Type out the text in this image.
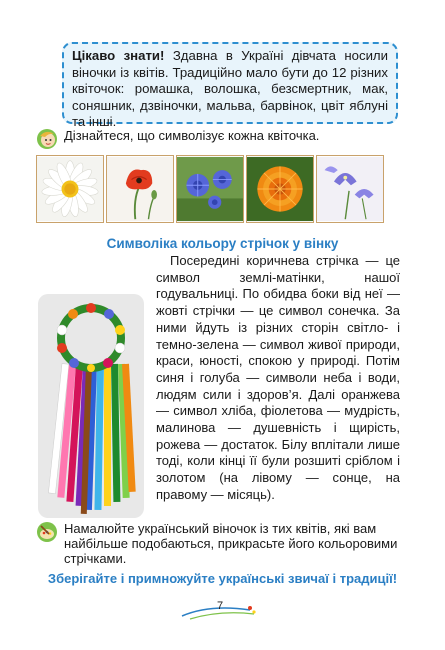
Цікаво знати! Здавна в Україні дівчата носили віночки із квітів. Традиційно мало бути до 12 різних квіточок: ромашка, волошка, безсмертник, мак, соняшник, дзвіночки, мальва, барвінок, цвіт яблуні та інші.
Дізнайтеся, що символізує кожна квіточка.
Символіка кольору стрічок у вінку
Посередині коричнева стрічка — це символ землі-матінки, нашої годувальниці. По обидва боки від неї — жовті стрічки — це символ сонечка. За ними йдуть із різних сторін світло- і темно-зелена — символ живої природи, краси, юності, спокою у природі. Потім синя і голуба — символи неба і води, людям сили і здоров’я. Далі оранжева — символ хліба, фіолетова — мудрість, малинова — душевність і щирість, рожева — достаток. Білу вплітали лише тоді, коли кінці її були розшиті сріблом і золотом (на лівому — сонце, на правому — місяць).
Намалюйте український віночок із тих квітів, які вам найбільше подобаються, прикрасьте його кольоровими стрічками.
Зберігайте і примножуйте українські звичаї і традиції!
7
